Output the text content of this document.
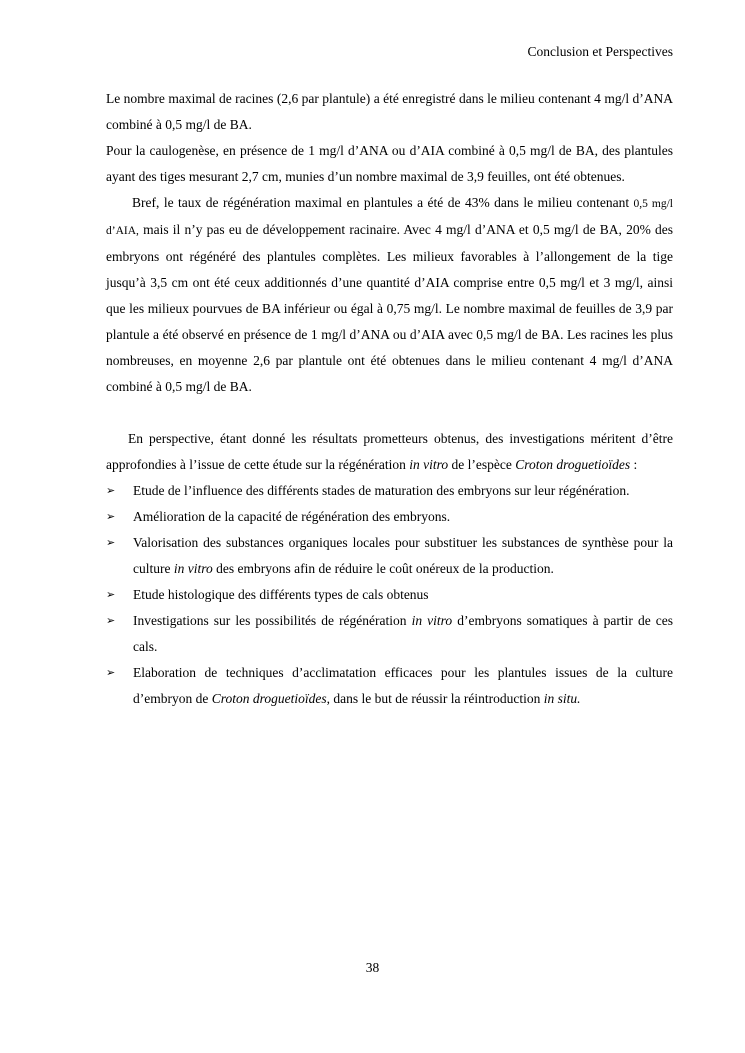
Conclusion et Perspectives

Le nombre maximal de racines (2,6 par plantule) a été enregistré dans le milieu contenant 4 mg/l d’ANA combiné à 0,5 mg/l de BA.

Pour la caulogenèse, en présence de 1 mg/l d’ANA ou d’AIA combiné à 0,5 mg/l de BA, des plantules ayant des tiges mesurant 2,7 cm, munies d’un nombre maximal de 3,9 feuilles, ont été obtenues.

Bref, le taux de régénération maximal en plantules a été de 43% dans le milieu contenant 0,5 mg/l d’AIA, mais il n’y pas eu de développement racinaire. Avec 4 mg/l d’ANA et 0,5 mg/l de BA, 20% des embryons ont régénéré des plantules complètes. Les milieux favorables à l’allongement de la tige jusqu’à 3,5 cm ont été ceux additionnés d’une quantité d’AIA comprise entre 0,5 mg/l et 3 mg/l, ainsi que les milieux pourvues de BA inférieur ou égal à 0,75 mg/l. Le nombre maximal de feuilles de 3,9 par plantule a été observé en présence de 1 mg/l d’ANA ou d’AIA avec 0,5 mg/l de BA. Les racines les plus nombreuses, en moyenne 2,6 par plantule ont été obtenues dans le milieu contenant 4 mg/l d’ANA combiné à 0,5 mg/l de BA.

En perspective, étant donné les résultats prometteurs obtenus, des investigations méritent d’être approfondies à l’issue de cette étude sur la régénération in vitro de l’espèce Croton droguetioïdes :

➢	Etude de l’influence des différents stades de maturation des embryons sur leur régénération.
➢	Amélioration de la capacité de régénération des embryons.
➢	Valorisation des substances organiques locales pour substituer les substances de synthèse pour la culture in vitro des embryons afin de réduire le coût onéreux de la production.
➢	Etude histologique des différents types de cals obtenus
➢	Investigations sur les possibilités de régénération in vitro d’embryons somatiques à partir de ces cals.
➢	Elaboration de techniques d’acclimatation efficaces pour les plantules issues de la culture d’embryon de Croton droguetioïdes, dans le but de réussir la réintroduction in situ.
38
